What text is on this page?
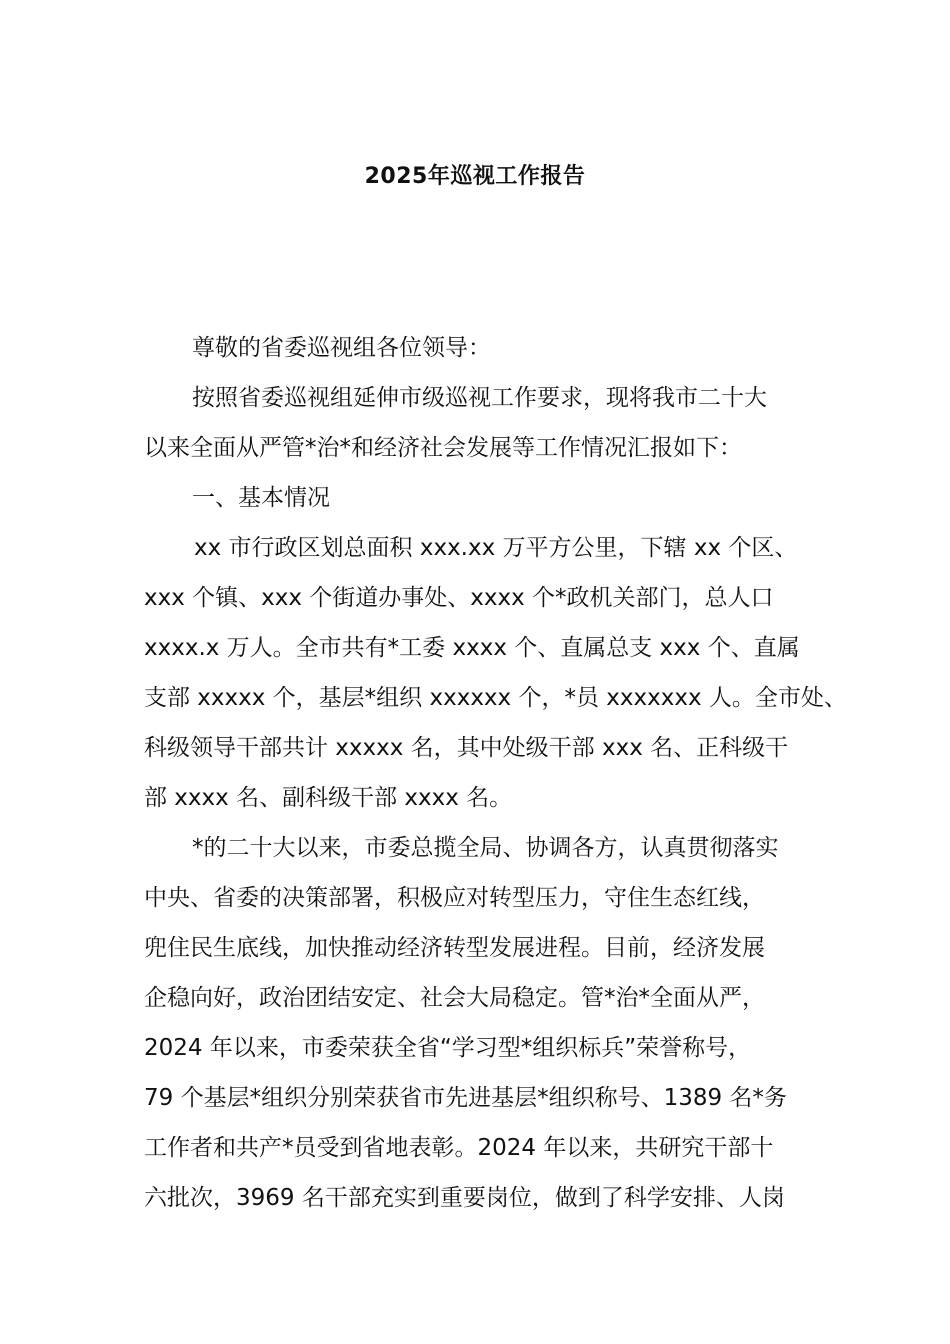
2025年巡视工作报告
尊敬的省委巡视组各位领导：
按照省委巡视组延伸市级巡视工作要求，现将我市二十大
以来全面从严管*治*和经济社会发展等工作情况汇报如下：
一、基本情况
xx 市行政区划总面积 xxx.xx 万平方公里，下辖 xx 个区、
xxx 个镇、xxx 个街道办事处、xxxx 个*政机关部门，总人口
xxxx.x 万人。全市共有*工委 xxxx 个、直属总支 xxx 个、直属
支部 xxxxx 个，基层*组织 xxxxxx 个，*员 xxxxxxx 人。全市处、
科级领导干部共计 xxxxx 名，其中处级干部 xxx 名、正科级干
部 xxxx 名、副科级干部 xxxx 名。
*的二十大以来，市委总揽全局、协调各方，认真贯彻落实
中央、省委的决策部署，积极应对转型压力，守住生态红线，
兜住民生底线，加快推动经济转型发展进程。目前，经济发展
企稳向好，政治团结安定、社会大局稳定。管*治*全面从严，
2024 年以来，市委荣获全省“学习型*组织标兵”荣誉称号，
79 个基层*组织分别荣获省市先进基层*组织称号、1389 名*务
工作者和共产*员受到省地表彰。2024 年以来，共研究干部十
六批次，3969 名干部充实到重要岗位，做到了科学安排、人岗
